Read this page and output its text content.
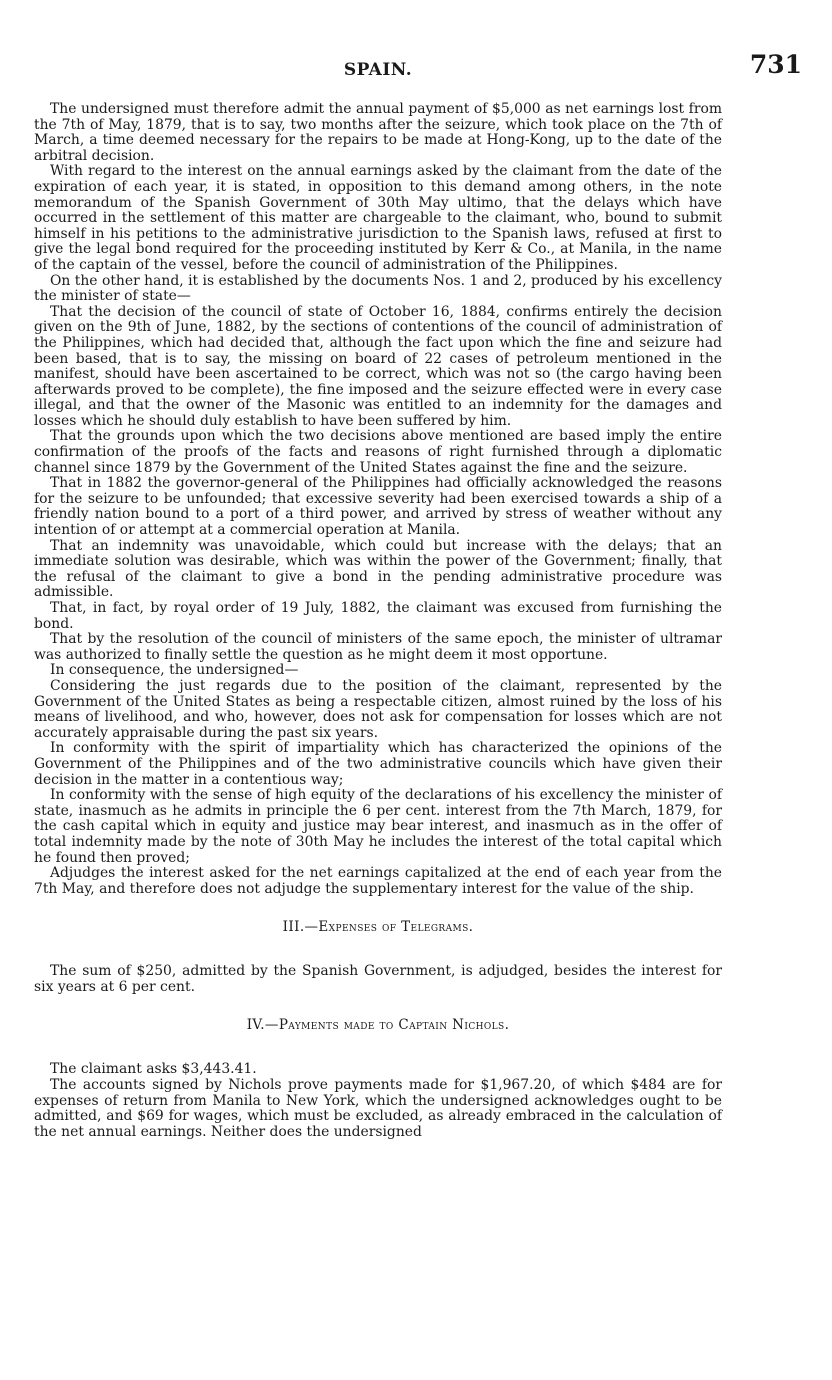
SPAIN.	731

The undersigned must therefore admit the annual payment of $5,000 as net earnings lost from the 7th of May, 1879, that is to say, two months after the seizure, which took place on the 7th of March, a time deemed necessary for the repairs to be made at Hong-Kong, up to the date of the arbitral decision.

With regard to the interest on the annual earnings asked by the claimant from the date of the expiration of each year, it is stated, in opposition to this demand among others, in the note memorandum of the Spanish Government of 30th May ultimo, that the delays which have occurred in the settlement of this matter are chargeable to the claimant, who, bound to submit himself in his petitions to the administrative jurisdiction to the Spanish laws, refused at first to give the legal bond required for the proceeding instituted by Kerr & Co., at Manila, in the name of the captain of the vessel, before the council of administration of the Philippines.

On the other hand, it is established by the documents Nos. 1 and 2, produced by his excellency the minister of state—

That the decision of the council of state of October 16, 1884, confirms entirely the decision given on the 9th of June, 1882, by the sections of contentions of the council of administration of the Philippines, which had decided that, although the fact upon which the fine and seizure had been based, that is to say, the missing on board of 22 cases of petroleum mentioned in the manifest, should have been ascertained to be correct, which was not so (the cargo having been afterwards proved to be complete), the fine imposed and the seizure effected were in every case illegal, and that the owner of the Masonic was entitled to an indemnity for the damages and losses which he should duly establish to have been suffered by him.

That the grounds upon which the two decisions above mentioned are based imply the entire confirmation of the proofs of the facts and reasons of right furnished through a diplomatic channel since 1879 by the Government of the United States against the fine and the seizure.

That in 1882 the governor-general of the Philippines had officially acknowledged the reasons for the seizure to be unfounded; that excessive severity had been exercised towards a ship of a friendly nation bound to a port of a third power, and arrived by stress of weather without any intention of or attempt at a commercial operation at Manila.

That an indemnity was unavoidable, which could but increase with the delays; that an immediate solution was desirable, which was within the power of the Government; finally, that the refusal of the claimant to give a bond in the pending administrative procedure was admissible.

That, in fact, by royal order of 19 July, 1882, the claimant was excused from furnishing the bond.

That by the resolution of the council of ministers of the same epoch, the minister of ultramar was authorized to finally settle the question as he might deem it most opportune.

In consequence, the undersigned—

Considering the just regards due to the position of the claimant, represented by the Government of the United States as being a respectable citizen, almost ruined by the loss of his means of livelihood, and who, however, does not ask for compensation for losses which are not accurately appraisable during the past six years.

In conformity with the spirit of impartiality which has characterized the opinions of the Government of the Philippines and of the two administrative councils which have given their decision in the matter in a contentious way;

In conformity with the sense of high equity of the declarations of his excellency the minister of state, inasmuch as he admits in principle the 6 per cent. interest from the 7th March, 1879, for the cash capital which in equity and justice may bear interest, and inasmuch as in the offer of total indemnity made by the note of 30th May he includes the interest of the total capital which he found then proved;

Adjudges the interest asked for the net earnings capitalized at the end of each year from the 7th May, and therefore does not adjudge the supplementary interest for the value of the ship.

III.—Expenses of Telegrams.

The sum of $250, admitted by the Spanish Government, is adjudged, besides the interest for six years at 6 per cent.

IV.—Payments made to Captain Nichols.

The claimant asks $3,443.41.

The accounts signed by Nichols prove payments made for $1,967.20, of which $484 are for expenses of return from Manila to New York, which the undersigned acknowledges ought to be admitted, and $69 for wages, which must be excluded, as already embraced in the calculation of the net annual earnings. Neither does the undersigned
